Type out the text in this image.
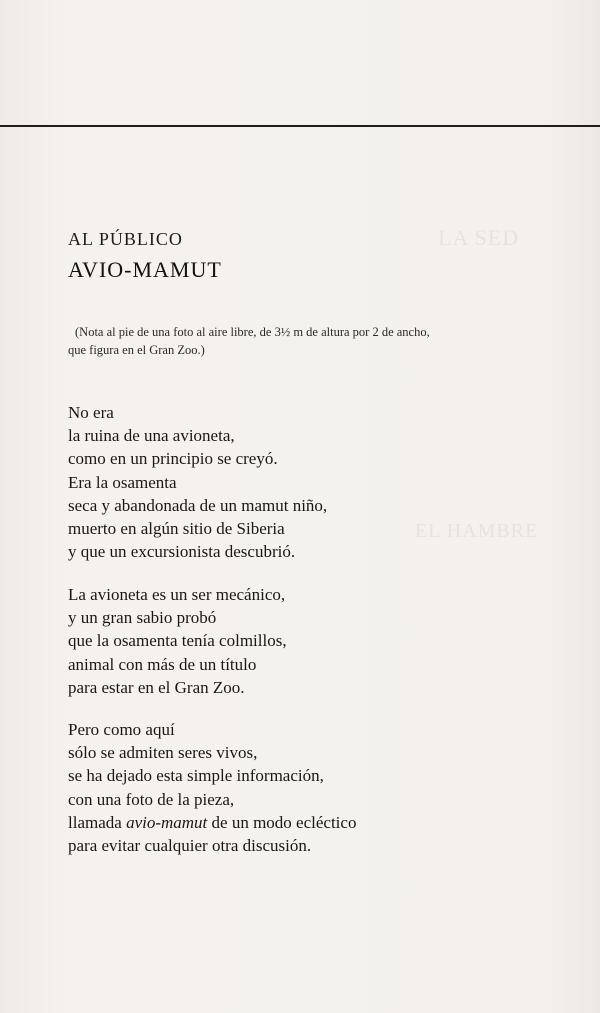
LA SED
EL HAMBRE
AL PÚBLICO
AVIO-MAMUT
(Nota al pie de una foto al aire libre, de 3½ m de altura por 2 de ancho,
que figura en el Gran Zoo.)
No era
la ruina de una avioneta,
como en un principio se creyó.
Era la osamenta
seca y abandonada de un mamut niño,
muerto en algún sitio de Siberia
y que un excursionista descubrió.
La avioneta es un ser mecánico,
y un gran sabio probó
que la osamenta tenía colmillos,
animal con más de un título
para estar en el Gran Zoo.
Pero como aquí
sólo se admiten seres vivos,
se ha dejado esta simple información,
con una foto de la pieza,
llamada avio-mamut de un modo ecléctico
para evitar cualquier otra discusión.
